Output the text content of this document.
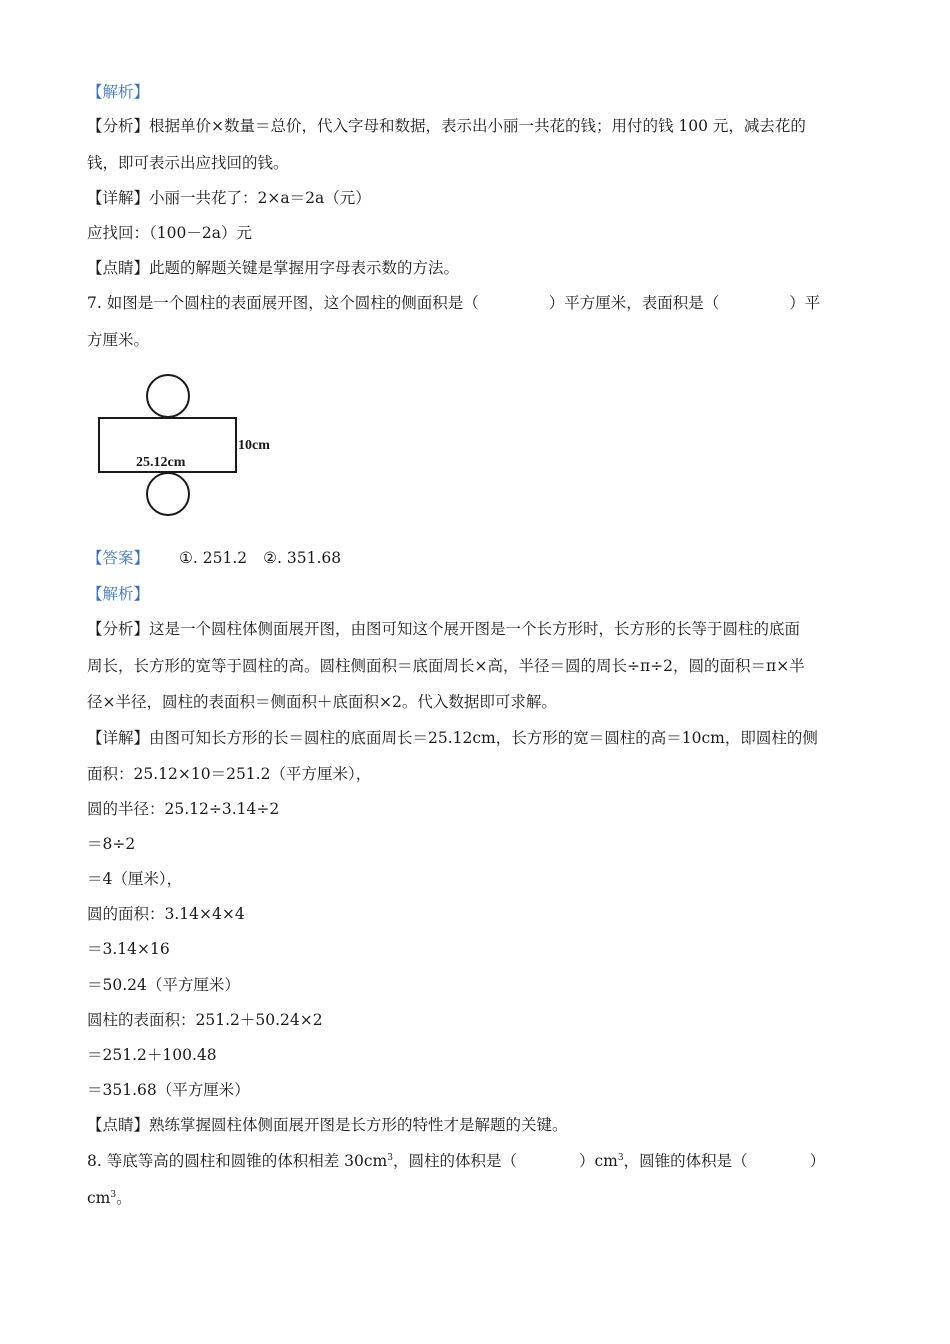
【解析】
【分析】根据单价×数量＝总价，代入字母和数据，表示出小丽一共花的钱；用付的钱 100 元，减去花的
钱，即可表示出应找回的钱。
【详解】小丽一共花了：2×a＝2a（元）
应找回：（100－2a）元
【点睛】此题的解题关键是掌握用字母表示数的方法。
7. 如图是一个圆柱的表面展开图，这个圆柱的侧面积是（	）平方厘米，表面积是（	）平
方厘米。
25.12cm
10cm
【答案】 ①. 251.2 ②. 351.68
【解析】
【分析】这是一个圆柱体侧面展开图，由图可知这个展开图是一个长方形时，长方形的长等于圆柱的底面
周长，长方形的宽等于圆柱的高。圆柱侧面积＝底面周长×高，半径＝圆的周长÷π÷2，圆的面积＝π×半
径×半径，圆柱的表面积＝侧面积＋底面积×2。代入数据即可求解。
【详解】由图可知长方形的长＝圆柱的底面周长＝25.12cm，长方形的宽＝圆柱的高＝10cm，即圆柱的侧
面积：25.12×10＝251.2（平方厘米），
圆的半径：25.12÷3.14÷2
＝8÷2
＝4（厘米），
圆的面积：3.14×4×4
＝3.14×16
＝50.24（平方厘米）
圆柱的表面积：251.2＋50.24×2
＝251.2＋100.48
＝351.68（平方厘米）
【点睛】熟练掌握圆柱体侧面展开图是长方形的特性才是解题的关键。
8. 等底等高的圆柱和圆锥的体积相差 $30cm^3$，圆柱的体积是（	）$cm^3$，圆锥的体积是（	）
$cm^3$。
